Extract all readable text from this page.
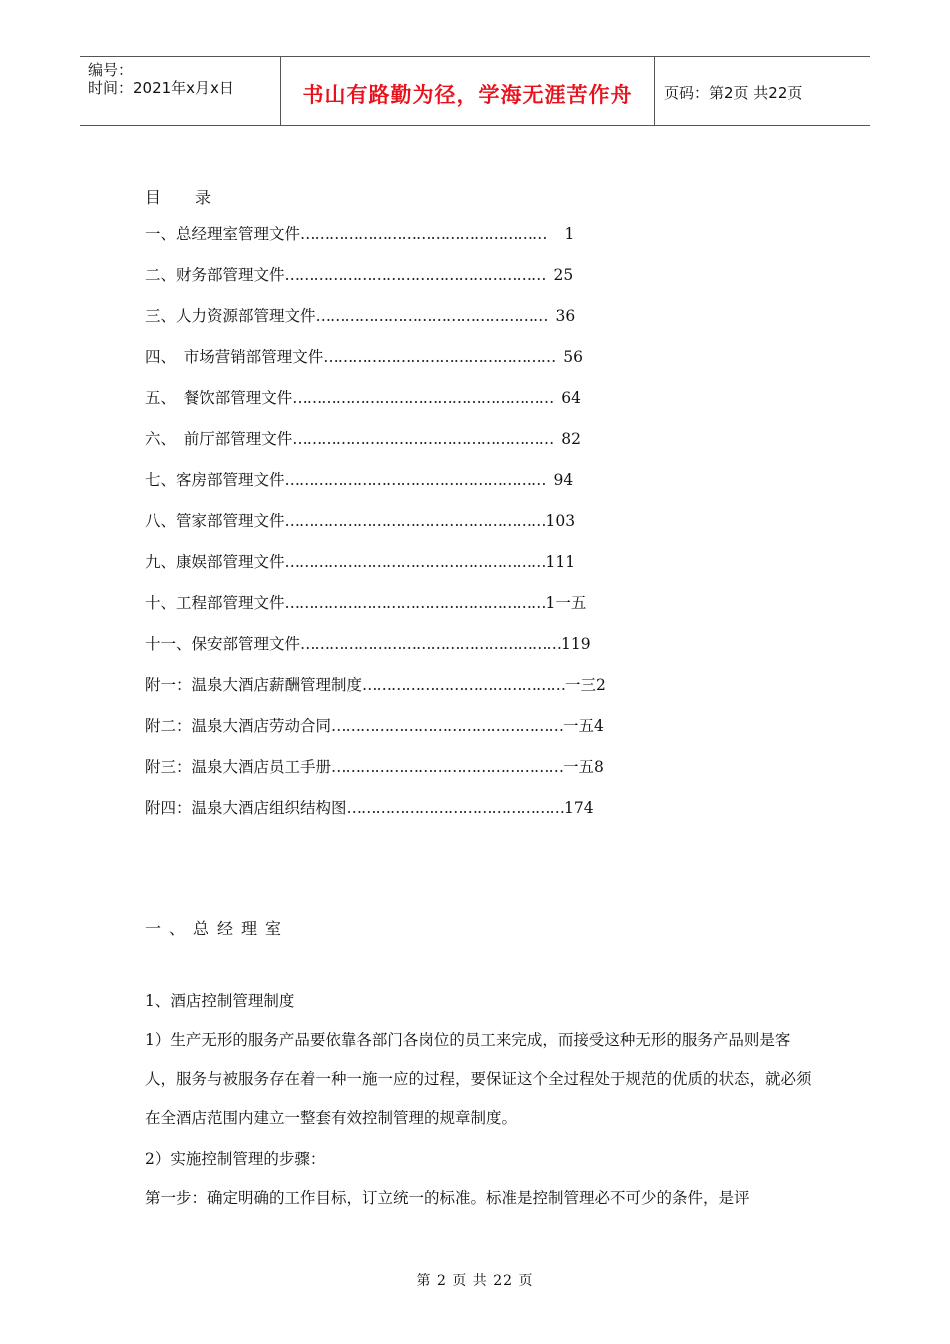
编号：
时间：2021年x月x日	书山有路勤为径，学海无涯苦作舟	页码：第2页 共22页
目录
一、总经理室管理文件…………………………………………… 1
二、财务部管理文件……………………………………………… 25
三、人力资源部管理文件………………………………………… 36
四、　市场营销部管理文件………………………………………… 56
五、　餐饮部管理文件……………………………………………… 64
六、　前厅部管理文件……………………………………………… 82
七、客房部管理文件……………………………………………… 94
八、管家部管理文件………………………………………………103
九、康娱部管理文件………………………………………………111
十、工程部管理文件………………………………………………1一五
十一、保安部管理文件………………………………………………119
附一：温泉大酒店薪酬管理制度……………………………………一三2
附二：温泉大酒店劳动合同…………………………………………一五4
附三：温泉大酒店员工手册…………………………………………一五8
附四：温泉大酒店组织结构图………………………………………174
一、总经理室
1、酒店控制管理制度
1）生产无形的服务产品要依靠各部门各岗位的员工来完成，而接受这种无形的服务产品则是客人，服务与被服务存在着一种一施一应的过程，要保证这个全过程处于规范的优质的状态，就必须在全酒店范围内建立一整套有效控制管理的规章制度。
2）实施控制管理的步骤：
第一步：确定明确的工作目标，订立统一的标准。标准是控制管理必不可少的条件，是评
第 2 页 共 22 页
